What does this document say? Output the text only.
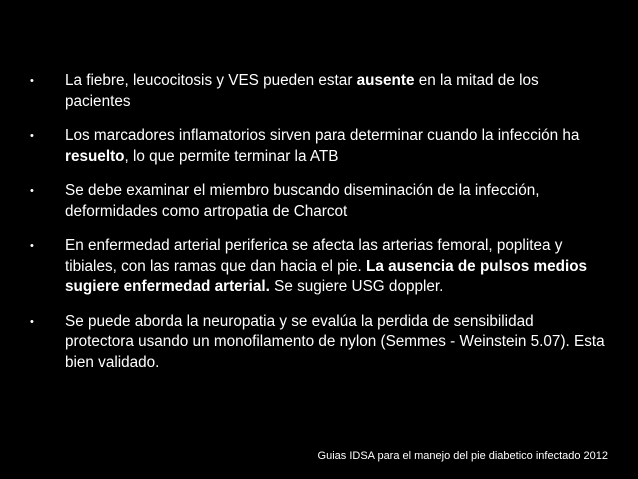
•	La fiebre, leucocitosis y VES pueden estar ausente en la mitad de los pacientes
•	Los marcadores inflamatorios sirven para determinar cuando la infección ha resuelto, lo que permite terminar la ATB
•	Se debe examinar el miembro buscando diseminación de la infección, deformidades como artropatia de Charcot
•	En enfermedad arterial periferica se afecta las arterias femoral, poplitea y tibiales, con las ramas que dan hacia el pie. La ausencia de pulsos medios sugiere enfermedad arterial. Se sugiere USG doppler.
•	Se puede aborda la neuropatia y se evalúa la perdida de sensibilidad protectora usando un monofilamento de nylon (Semmes - Weinstein 5.07). Esta bien validado.
Guias IDSA para el manejo del pie diabetico infectado 2012
